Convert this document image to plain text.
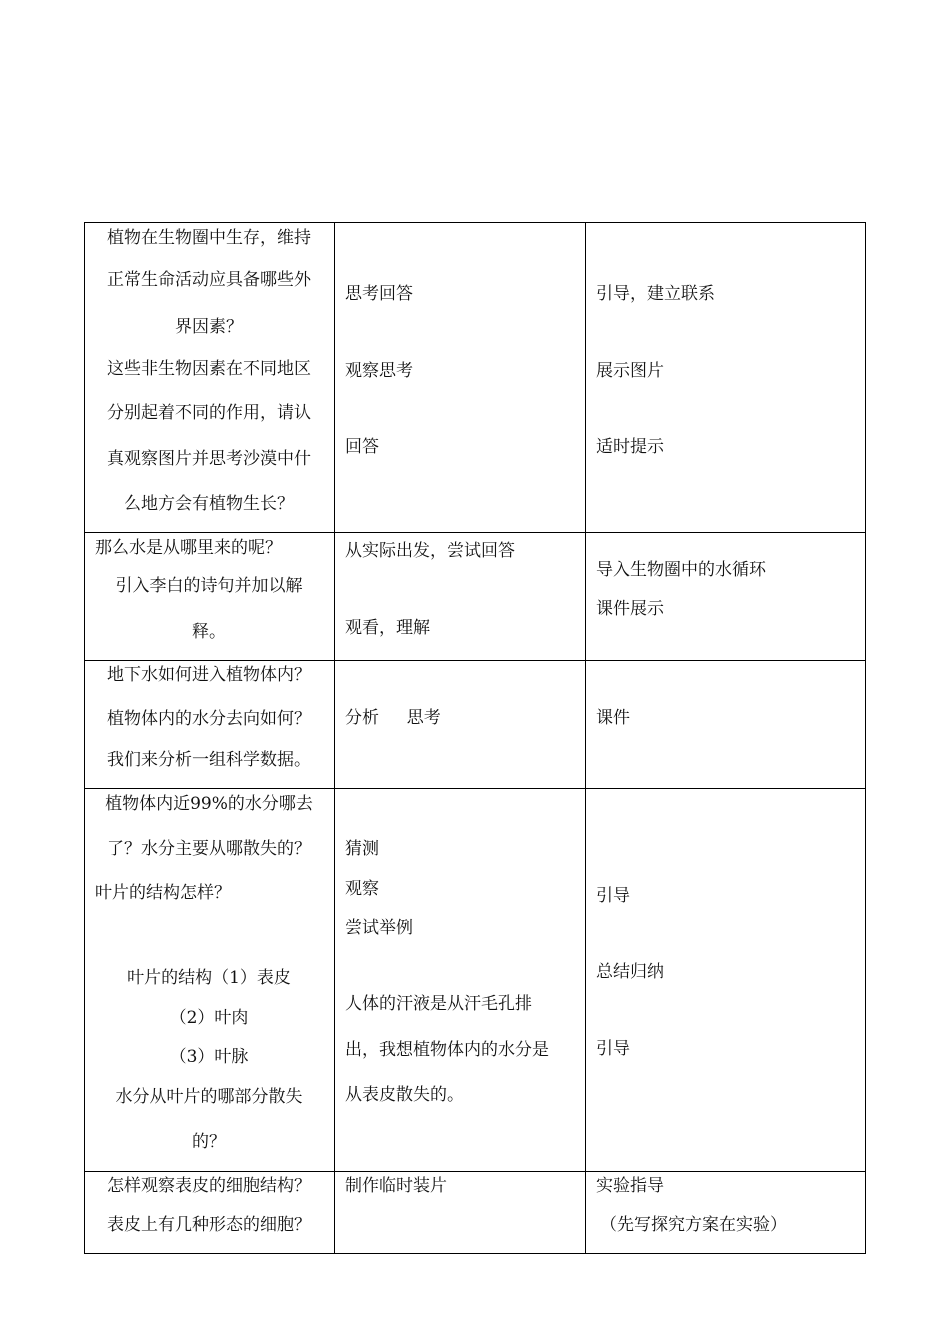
植物在生物圈中生存，维持
正常生命活动应具备哪些外
界因素？
这些非生物因素在不同地区
分别起着不同的作用，请认
真观察图片并思考沙漠中什
么地方会有植物生长？
思考回答
观察思考
回答
引导，建立联系
展示图片
适时提示
那么水是从哪里来的呢？
引入李白的诗句并加以解
释。
从实际出发，尝试回答
观看，理解
导入生物圈中的水循环
课件展示
地下水如何进入植物体内？
植物体内的水分去向如何？
我们来分析一组科学数据。
分析　  思考	课件
植物体内近99%的水分哪去
了？水分主要从哪散失的？
叶片的结构怎样？
叶片的结构（1）表皮
（2）叶肉
（3）叶脉
水分从叶片的哪部分散失
的？
猜测
观察
尝试举例
人体的汗液是从汗毛孔排
出，我想植物体内的水分是
从表皮散失的。
引导
总结归纳
引导
怎样观察表皮的细胞结构？
表皮上有几种形态的细胞？
制作临时装片	实验指导
（先写探究方案在实验）
